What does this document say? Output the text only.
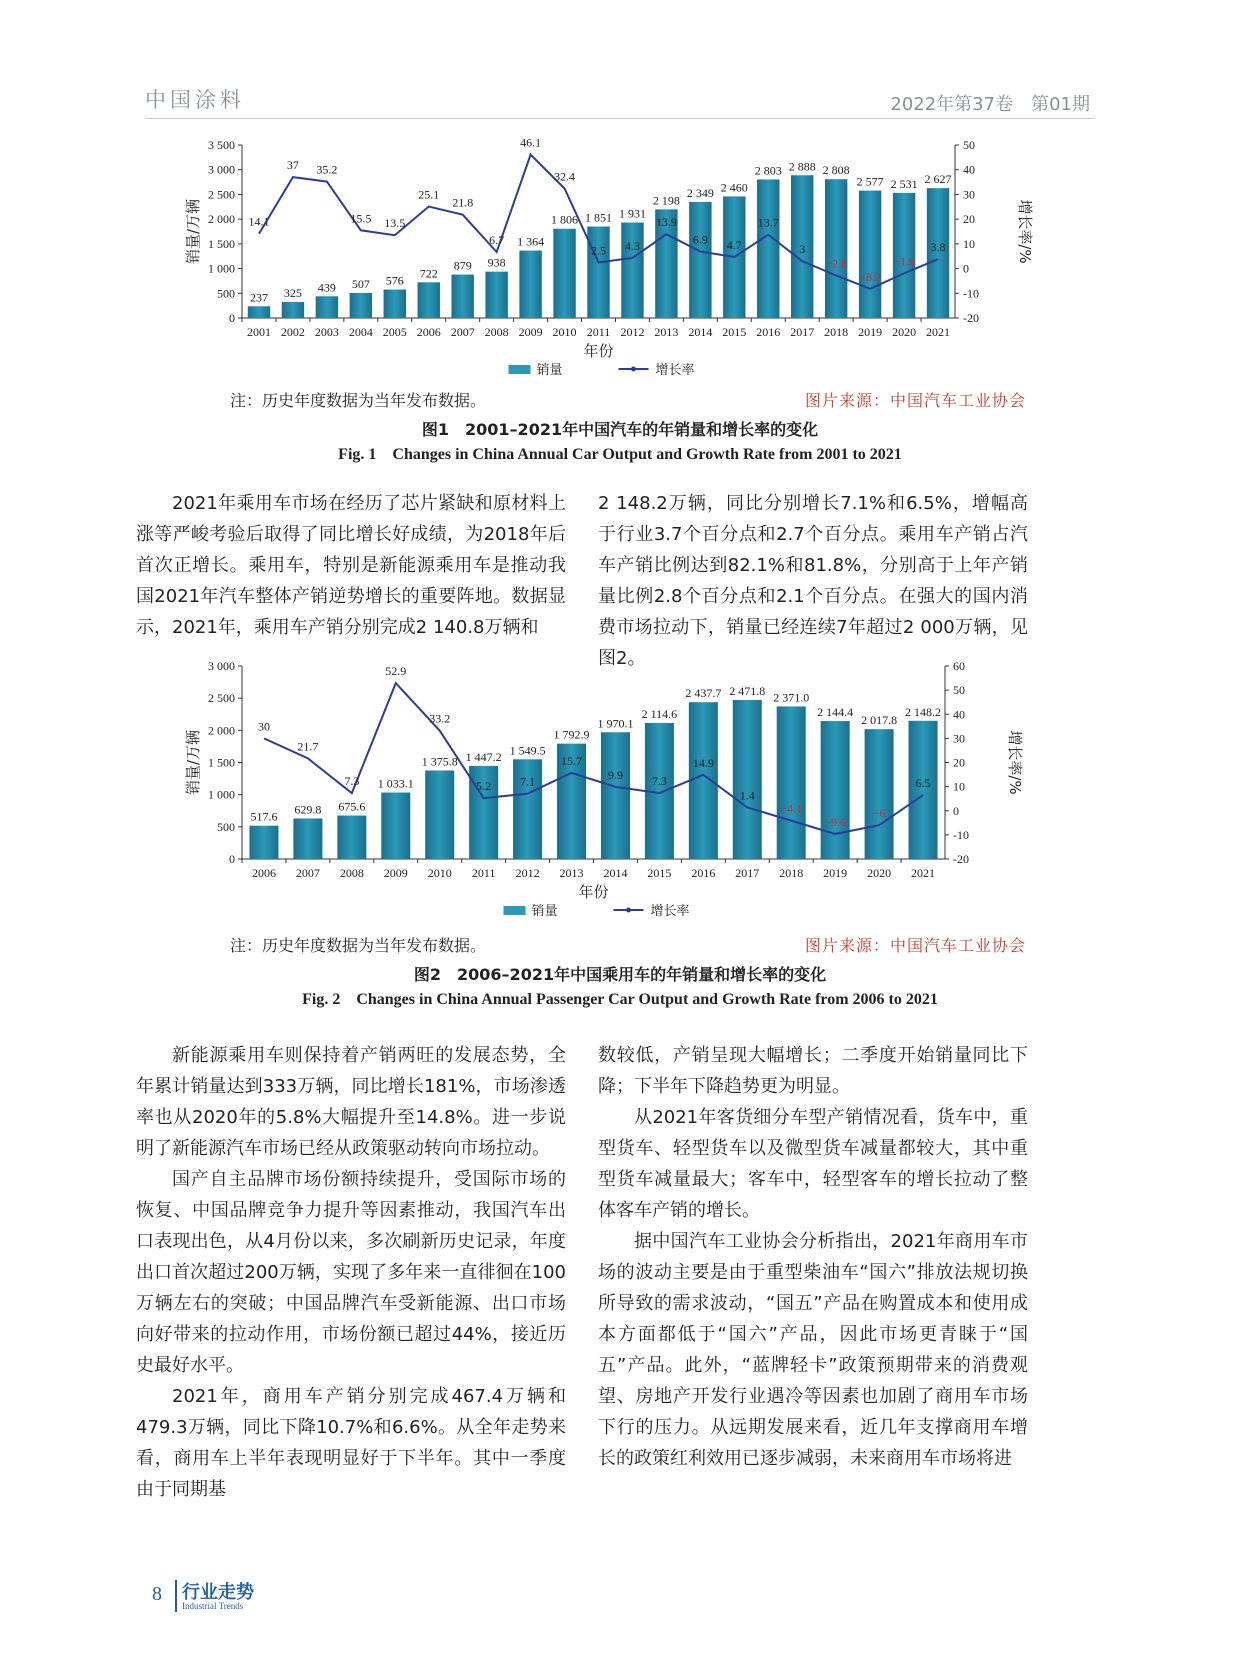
中国涂料	2022年第37卷　第01期
0
500
1 000
1 500
2 000
2 500
3 000
3 500
-20
-10
0
10
20
30
40
50
销量/万辆	增长率/%
237 325 439 507 576
722
879 938
1 364
1 806 1 851 1 931
2 198
2 349 2 460
2 803 2 888 2 808
2 577 2 531 2 627
2001 2002 2003 2004 2005 2006 2007 2008 2009 2010 2011 2012 2013 2014 2015 2016 2017 2018 2019 2020 2021
14.1
37 35.2
15.5 13.5
25.1
21.8
6.7
46.1
32.4
2.5 4.3
13.9
6.9 4.7
13.7
3
−2.8
−8.2
−1.9
3.8
年份
销量	增长率
注：历史年度数据为当年发布数据。	图片来源：中国汽车工业协会
图1　2001–2021年中国汽车的年销量和增长率的变化
Fig. 1　Changes in China Annual Car Output and Growth Rate from 2001 to 2021

2021年乘用车市场在经历了芯片紧缺和原材料上涨等严峻考验后取得了同比增长好成绩，为2018年后首次正增长。乘用车，特别是新能源乘用车是推动我国2021年汽车整体产销逆势增长的重要阵地。数据显示，2021年，乘用车产销分别完成2 140.8万辆和

2 148.2万辆，同比分别增长7.1%和6.5%，增幅高于行业3.7个百分点和2.7个百分点。乘用车产销占汽车产销比例达到82.1%和81.8%，分别高于上年产销量比例2.8个百分点和2.1个百分点。在强大的国内消费市场拉动下，销量已经连续7年超过2 000万辆，见图2。

0
500
1 000
1 500
2 000
2 500
3 000
-20
-10
0
10
20
30
40
50
60
销量/万辆	增长率/%
517.6
629.8 675.6
1 033.1
1 375.8 1 447.2 1 549.5
1 792.9
1 970.1
2 114.6
2 437.7 2 471.8 2 371.0
2 144.4
2 017.8
2 148.2
2006 2007 2008 2009 2010 2011 2012 2013 2014 2015 2016 2017 2018 2019 2020 2021
30
21.7
7.3
52.9
33.2
5.2 7.1
15.7
9.9 7.3
14.9
1.4
−4.1
−9.6
−6
6.5
年份
销量	增长率
注：历史年度数据为当年发布数据。	图片来源：中国汽车工业协会
图2　2006–2021年中国乘用车的年销量和增长率的变化
Fig. 2　Changes in China Annual Passenger Car Output and Growth Rate from 2006 to 2021

新能源乘用车则保持着产销两旺的发展态势，全年累计销量达到333万辆，同比增长181%，市场渗透率也从2020年的5.8%大幅提升至14.8%。进一步说明了新能源汽车市场已经从政策驱动转向市场拉动。

国产自主品牌市场份额持续提升，受国际市场的恢复、中国品牌竞争力提升等因素推动，我国汽车出口表现出色，从4月份以来，多次刷新历史记录，年度出口首次超过200万辆，实现了多年来一直徘徊在100万辆左右的突破；中国品牌汽车受新能源、出口市场向好带来的拉动作用，市场份额已超过44%，接近历史最好水平。

2021年，商用车产销分别完成467.4万辆和479.3万辆，同比下降10.7%和6.6%。从全年走势来看，商用车上半年表现明显好于下半年。其中一季度由于同期基

数较低，产销呈现大幅增长；二季度开始销量同比下降；下半年下降趋势更为明显。

从2021年客货细分车型产销情况看，货车中，重型货车、轻型货车以及微型货车减量都较大，其中重型货车减量最大；客车中，轻型客车的增长拉动了整体客车产销的增长。

据中国汽车工业协会分析指出，2021年商用车市场的波动主要是由于重型柴油车“国六”排放法规切换所导致的需求波动，“国五”产品在购置成本和使用成本方面都低于“国六”产品，因此市场更青睐于“国五”产品。此外，“蓝牌轻卡”政策预期带来的消费观望、房地产开发行业遇冷等因素也加剧了商用车市场下行的压力。从远期发展来看，近几年支撑商用车增长的政策红利效用已逐步减弱，未来商用车市场将进

8 行业走势
Industrial Trends
